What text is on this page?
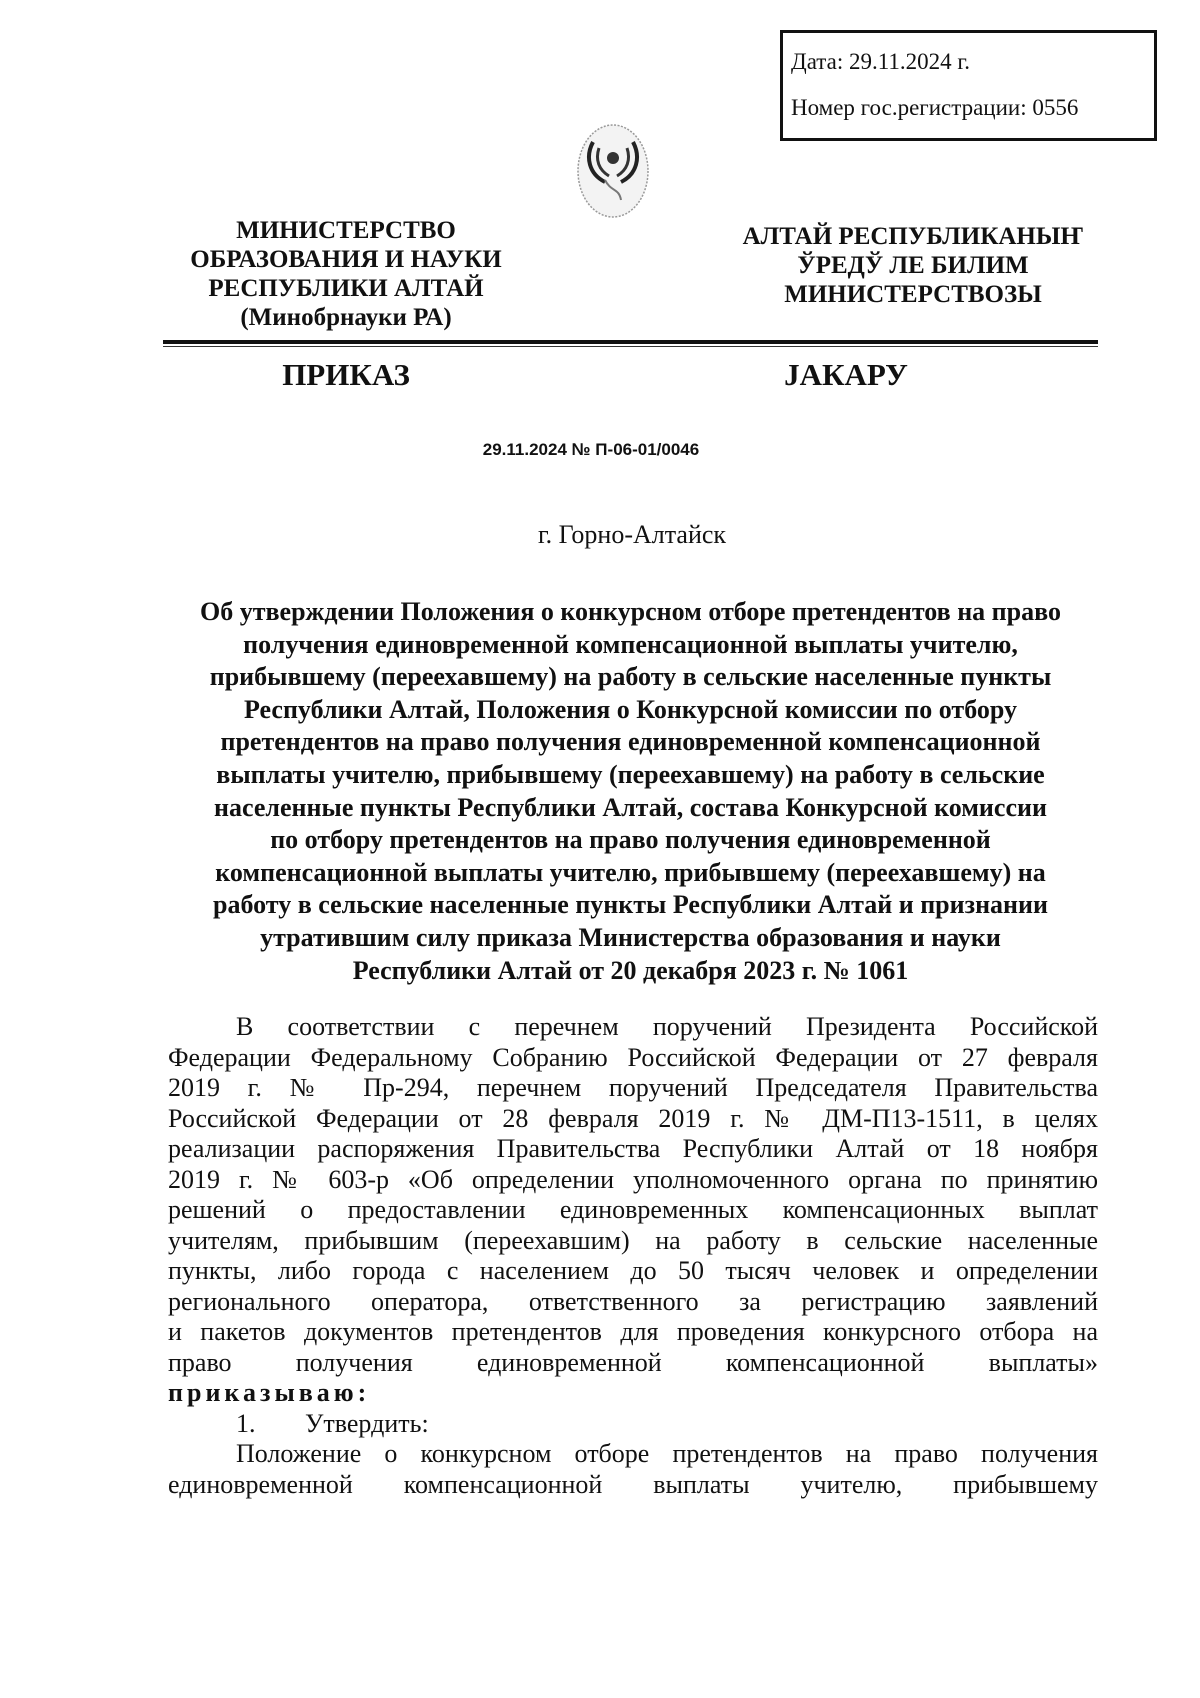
Дата: 29.11.2024 г.
Номер гос.регистрации: 0556
МИНИСТЕРСТВО
ОБРАЗОВАНИЯ И НАУКИ
РЕСПУБЛИКИ АЛТАЙ
(Минобрнауки РА)
АЛТАЙ РЕСПУБЛИКАНЫҤ
ЎРЕДЎ ЛЕ БИЛИМ
МИНИСТЕРСТВОЗЫ
ПРИКАЗ	ЈАКАРУ
29.11.2024 № П-06-01/0046
г. Горно-Алтайск
Об утверждении Положения о конкурсном отборе претендентов на право
получения единовременной компенсационной выплаты учителю,
прибывшему (переехавшему) на работу в сельские населенные пункты
Республики Алтай, Положения о Конкурсной комиссии по отбору
претендентов на право получения единовременной компенсационной
выплаты учителю, прибывшему (переехавшему) на работу в сельские
населенные пункты Республики Алтай, состава Конкурсной комиссии
по отбору претендентов на право получения единовременной
компенсационной выплаты учителю, прибывшему (переехавшему) на
работу в сельские населенные пункты Республики Алтай и признании
утратившим силу приказа Министерства образования и науки
Республики Алтай от 20 декабря 2023 г. № 1061
В соответствии с перечнем поручений Президента Российской
Федерации Федеральному Собранию Российской Федерации от 27 февраля
2019 г. № Пр-294, перечнем поручений Председателя Правительства
Российской Федерации от 28 февраля 2019 г. № ДМ-П13-1511, в целях
реализации распоряжения Правительства Республики Алтай от 18 ноября
2019 г. № 603-р «Об определении уполномоченного органа по принятию
решений о предоставлении единовременных компенсационных выплат
учителям, прибывшим (переехавшим) на работу в сельские населенные
пункты, либо города с населением до 50 тысяч человек и определении
регионального оператора, ответственного за регистрацию заявлений
и пакетов документов претендентов для проведения конкурсного отбора на
право получения единовременной компенсационной выплаты»
приказываю:
1.	Утвердить:
Положение о конкурсном отборе претендентов на право получения
единовременной компенсационной выплаты учителю, прибывшему
